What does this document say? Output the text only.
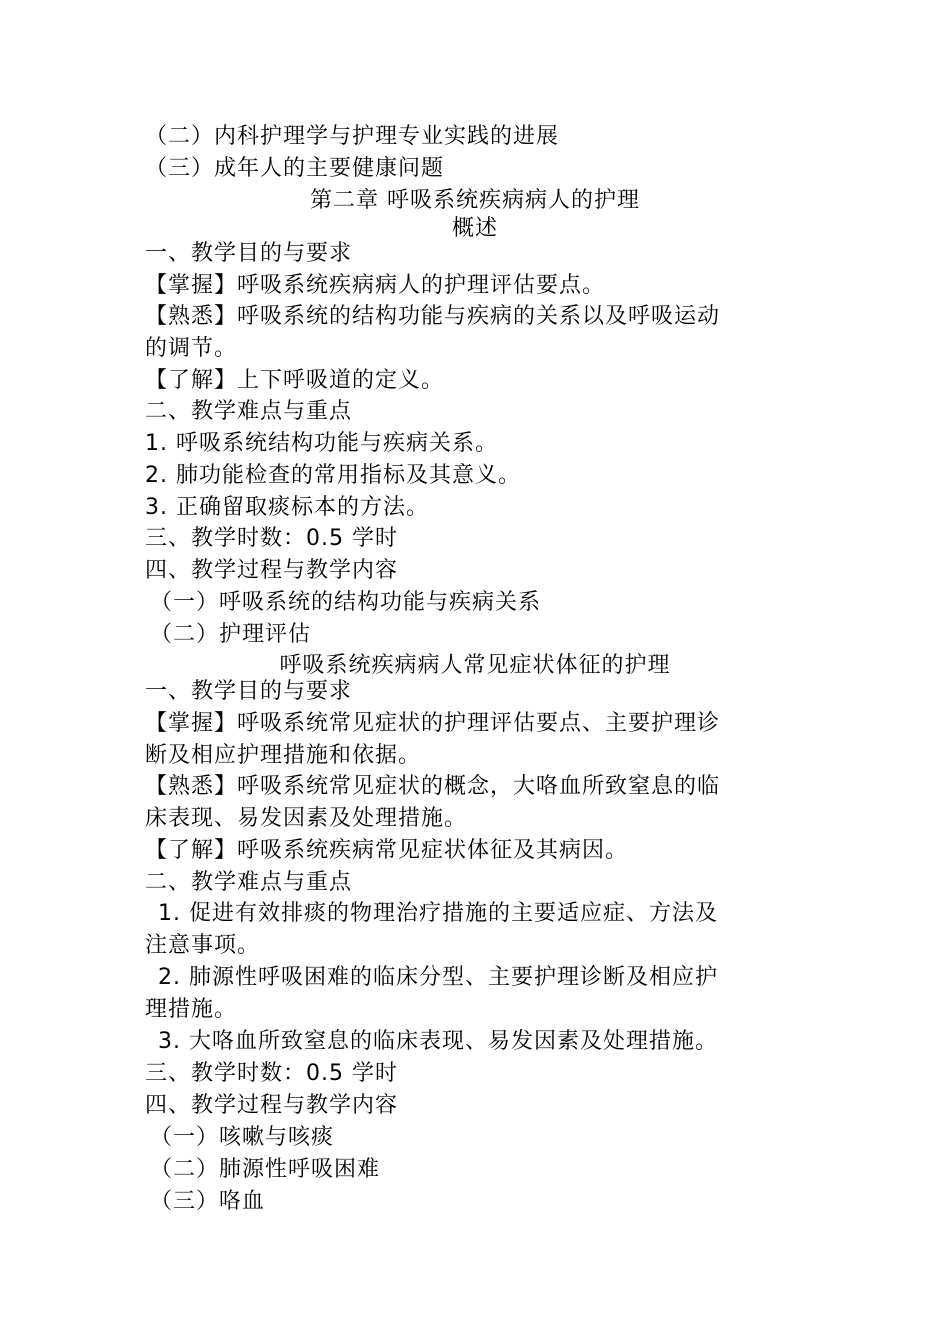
（二）内科护理学与护理专业实践的进展
（三）成年人的主要健康问题
第二章 呼吸系统疾病病人的护理
概述
一、教学目的与要求
【掌握】呼吸系统疾病病人的护理评估要点。
【熟悉】呼吸系统的结构功能与疾病的关系以及呼吸运动
的调节。
【了解】上下呼吸道的定义。
二、教学难点与重点
1. 呼吸系统结构功能与疾病关系。
2. 肺功能检查的常用指标及其意义。
3. 正确留取痰标本的方法。
三、教学时数：0.5 学时
四、教学过程与教学内容
（一）呼吸系统的结构功能与疾病关系
（二）护理评估
呼吸系统疾病病人常见症状体征的护理
一、教学目的与要求
【掌握】呼吸系统常见症状的护理评估要点、主要护理诊
断及相应护理措施和依据。
【熟悉】呼吸系统常见症状的概念，大咯血所致窒息的临
床表现、易发因素及处理措施。
【了解】呼吸系统疾病常见症状体征及其病因。
二、教学难点与重点
1. 促进有效排痰的物理治疗措施的主要适应症、方法及
注意事项。
2. 肺源性呼吸困难的临床分型、主要护理诊断及相应护
理措施。
3. 大咯血所致窒息的临床表现、易发因素及处理措施。
三、教学时数：0.5 学时
四、教学过程与教学内容
（一）咳嗽与咳痰
（二）肺源性呼吸困难
（三）咯血
